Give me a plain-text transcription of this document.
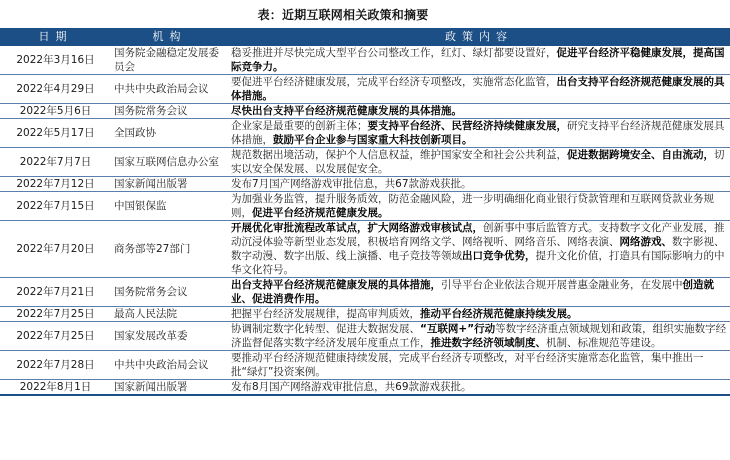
表：近期互联网相关政策和摘要
日期	机构	政策内容
2022年3月16日	国务院金融稳定发展委员会	稳妥推进并尽快完成大型平台公司整改工作，红灯、绿灯都要设置好，促进平台经济平稳健康发展，提高国际竞争力。
2022年4月29日	中共中央政治局会议	要促进平台经济健康发展，完成平台经济专项整改，实施常态化监管，出台支持平台经济规范健康发展的具体措施。
2022年5月6日	国务院常务会议	尽快出台支持平台经济规范健康发展的具体措施。
2022年5月17日	全国政协	企业家是最重要的创新主体；要支持平台经济、民营经济持续健康发展，研究支持平台经济规范健康发展具体措施，鼓励平台企业参与国家重大科技创新项目。
2022年7月7日	国家互联网信息办公室	规范数据出境活动，保护个人信息权益，维护国家安全和社会公共利益，促进数据跨境安全、自由流动，切实以安全保发展、以发展促安全。
2022年7月12日	国家新闻出版署	发布7月国产网络游戏审批信息，共67款游戏获批。
2022年7月15日	中国银保监	为加强业务监管，提升服务质效，防范金融风险，进一步明确细化商业银行贷款管理和互联网贷款业务规则，促进平台经济规范健康发展。
2022年7月20日	商务部等27部门	开展优化审批流程改革试点，扩大网络游戏审核试点，创新事中事后监管方式。支持数字文化产业发展，推动沉浸体验等新型业态发展，积极培育网络文学、网络视听、网络音乐、网络表演、网络游戏、数字影视、数字动漫、数字出版、线上演播、电子竞技等领域出口竞争优势，提升文化价值，打造具有国际影响力的中华文化符号。
2022年7月21日	国务院常务会议	出台支持平台经济规范健康发展的具体措施，引导平台企业依法合规开展普惠金融业务，在发展中创造就业、促进消费作用。
2022年7月25日	最高人民法院	把握平台经济发展规律，提高审判质效，推动平台经济规范健康持续发展。
2022年7月25日	国家发展改革委	协调制定数字化转型、促进大数据发展、“互联网+”行动等数字经济重点领域规划和政策，组织实施数字经济监督促落实数字经济发展年度重点工作，推进数字经济领域制度、机制、标准规范等建设。
2022年7月28日	中共中央政治局会议	要推动平台经济规范健康持续发展，完成平台经济专项整改，对平台经济实施常态化监管，集中推出一批“绿灯”投资案例。
2022年8月1日	国家新闻出版署	发布8月国产网络游戏审批信息，共69款游戏获批。
